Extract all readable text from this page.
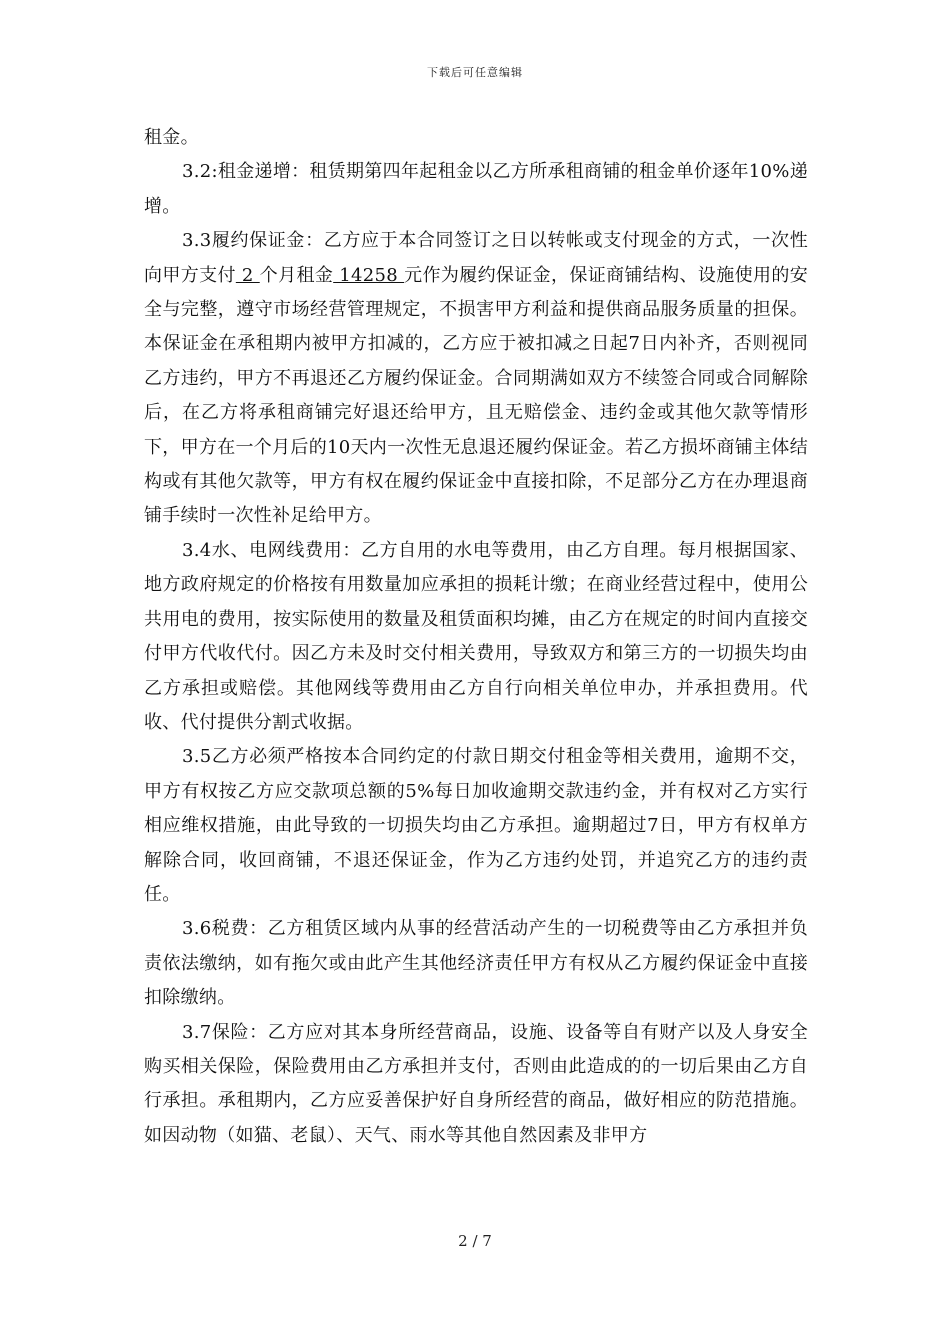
下载后可任意编辑

租金。

3.2:租金递增：租赁期第四年起租金以乙方所承租商铺的租金单价逐年10%递增。

3.3履约保证金：乙方应于本合同签订之日以转帐或支付现金的方式，一次性向甲方支付 2 个月租金 14258 元作为履约保证金，保证商铺结构、设施使用的安全与完整，遵守市场经营管理规定，不损害甲方利益和提供商品服务质量的担保。本保证金在承租期内被甲方扣减的，乙方应于被扣减之日起7日内补齐，否则视同乙方违约，甲方不再退还乙方履约保证金。合同期满如双方不续签合同或合同解除后，在乙方将承租商铺完好退还给甲方，且无赔偿金、违约金或其他欠款等情形下，甲方在一个月后的10天内一次性无息退还履约保证金。若乙方损坏商铺主体结构或有其他欠款等，甲方有权在履约保证金中直接扣除，不足部分乙方在办理退商铺手续时一次性补足给甲方。

3.4水、电网线费用：乙方自用的水电等费用，由乙方自理。每月根据国家、地方政府规定的价格按有用数量加应承担的损耗计缴；在商业经营过程中，使用公共用电的费用，按实际使用的数量及租赁面积均摊，由乙方在规定的时间内直接交付甲方代收代付。因乙方未及时交付相关费用，导致双方和第三方的一切损失均由乙方承担或赔偿。其他网线等费用由乙方自行向相关单位申办，并承担费用。代收、代付提供分割式收据。

3.5乙方必须严格按本合同约定的付款日期交付租金等相关费用，逾期不交，甲方有权按乙方应交款项总额的5%每日加收逾期交款违约金，并有权对乙方实行相应维权措施，由此导致的一切损失均由乙方承担。逾期超过7日，甲方有权单方解除合同，收回商铺，不退还保证金，作为乙方违约处罚，并追究乙方的违约责任。

3.6税费：乙方租赁区域内从事的经营活动产生的一切税费等由乙方承担并负责依法缴纳，如有拖欠或由此产生其他经济责任甲方有权从乙方履约保证金中直接扣除缴纳。

3.7保险：乙方应对其本身所经营商品，设施、设备等自有财产以及人身安全购买相关保险，保险费用由乙方承担并支付，否则由此造成的的一切后果由乙方自行承担。承租期内，乙方应妥善保护好自身所经营的商品，做好相应的防范措施。如因动物（如猫、老鼠）、天气、雨水等其他自然因素及非甲方

2 / 7
